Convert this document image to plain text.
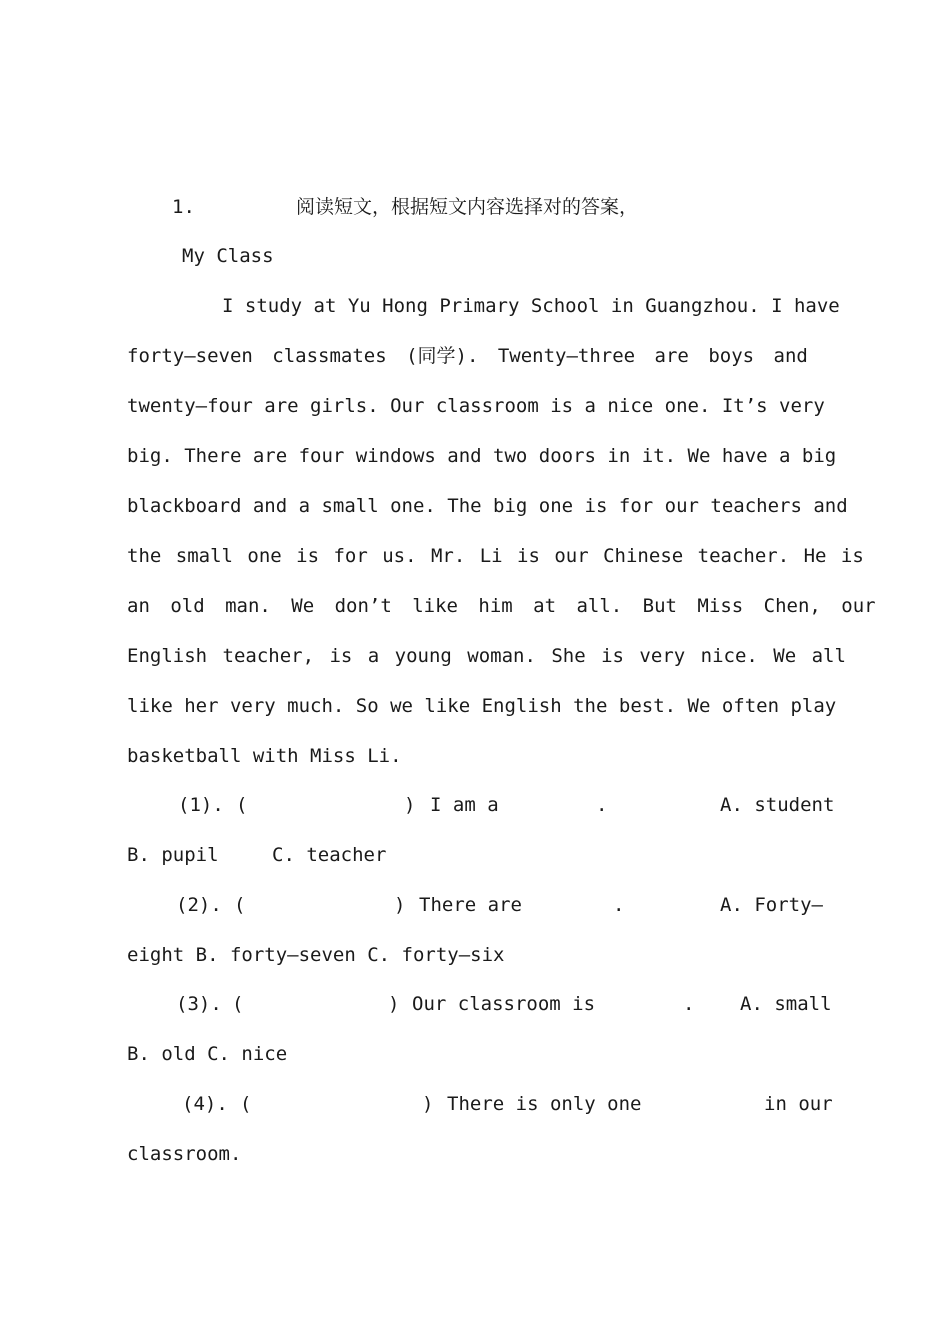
1.	阅读短文，根据短文内容选择对的答案，
My Class
I study at Yu Hong Primary School in Guangzhou. I have
forty—seven classmates (同学). Twenty—three are boys and
twenty—four are girls. Our classroom is a nice one. It’s very
big. There are four windows and two doors in it. We have a big
blackboard and a small one. The big one is for our teachers and
the small one is for us. Mr. Li is our Chinese teacher. He is
an old man. We don’t like him at all. But Miss Chen, our
English teacher, is a young woman. She is very nice. We all
like her very much. So we like English the best. We often play
basketball with Miss Li.
(1). (	) I am a	.	A. student
B. pupil	C. teacher
(2). (	) There are	.	A. Forty—
eight B. forty—seven C. forty—six
(3). (	) Our classroom is	. A. small
B. old C. nice
(4). (	) There is only one	in our
classroom.
